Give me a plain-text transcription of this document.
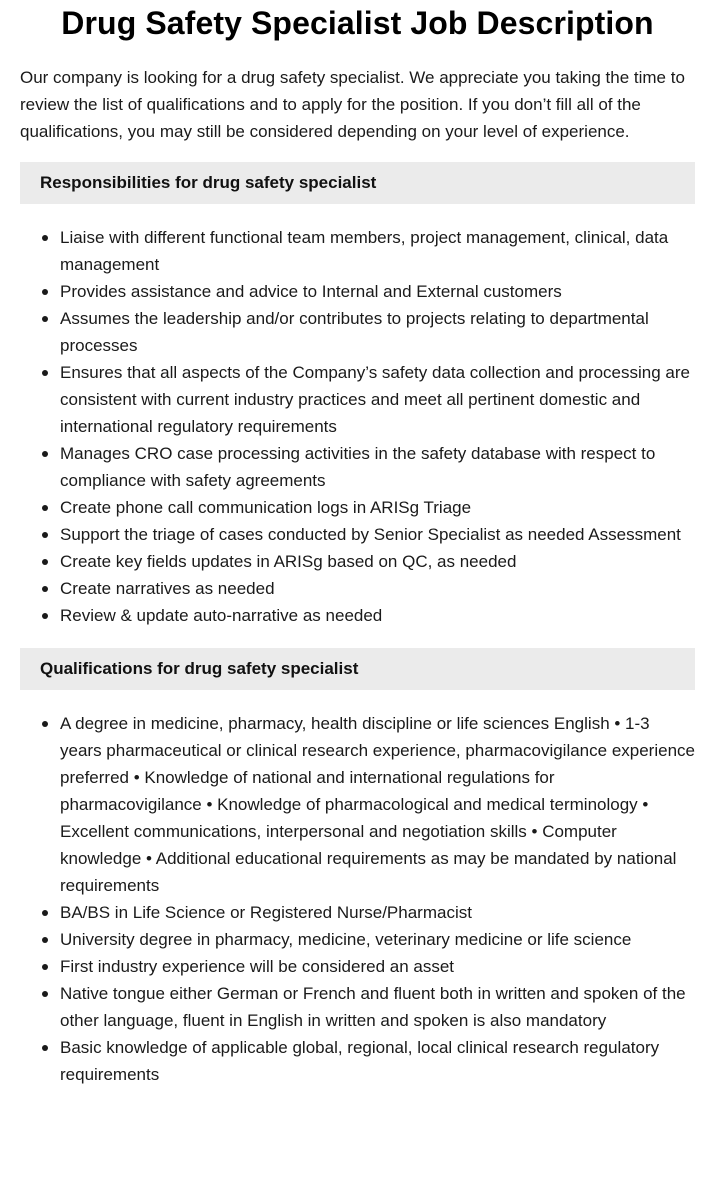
Drug Safety Specialist Job Description

Our company is looking for a drug safety specialist. We appreciate you taking the time to review the list of qualifications and to apply for the position. If you don’t fill all of the qualifications, you may still be considered depending on your level of experience.

Responsibilities for drug safety specialist
Liaise with different functional team members, project management, clinical, data management
Provides assistance and advice to Internal and External customers
Assumes the leadership and/or contributes to projects relating to departmental processes
Ensures that all aspects of the Company’s safety data collection and processing are consistent with current industry practices and meet all pertinent domestic and international regulatory requirements
Manages CRO case processing activities in the safety database with respect to compliance with safety agreements
Create phone call communication logs in ARISg Triage
Support the triage of cases conducted by Senior Specialist as needed Assessment
Create key fields updates in ARISg based on QC, as needed
Create narratives as needed
Review & update auto-narrative as needed
Qualifications for drug safety specialist
A degree in medicine, pharmacy, health discipline or life sciences English • 1-3 years pharmaceutical or clinical research experience, pharmacovigilance experience preferred • Knowledge of national and international regulations for pharmacovigilance • Knowledge of pharmacological and medical terminology • Excellent communications, interpersonal and negotiation skills • Computer knowledge • Additional educational requirements as may be mandated by national requirements
BA/BS in Life Science or Registered Nurse/Pharmacist
University degree in pharmacy, medicine, veterinary medicine or life science
First industry experience will be considered an asset
Native tongue either German or French and fluent both in written and spoken of the other language, fluent in English in written and spoken is also mandatory
Basic knowledge of applicable global, regional, local clinical research regulatory requirements
